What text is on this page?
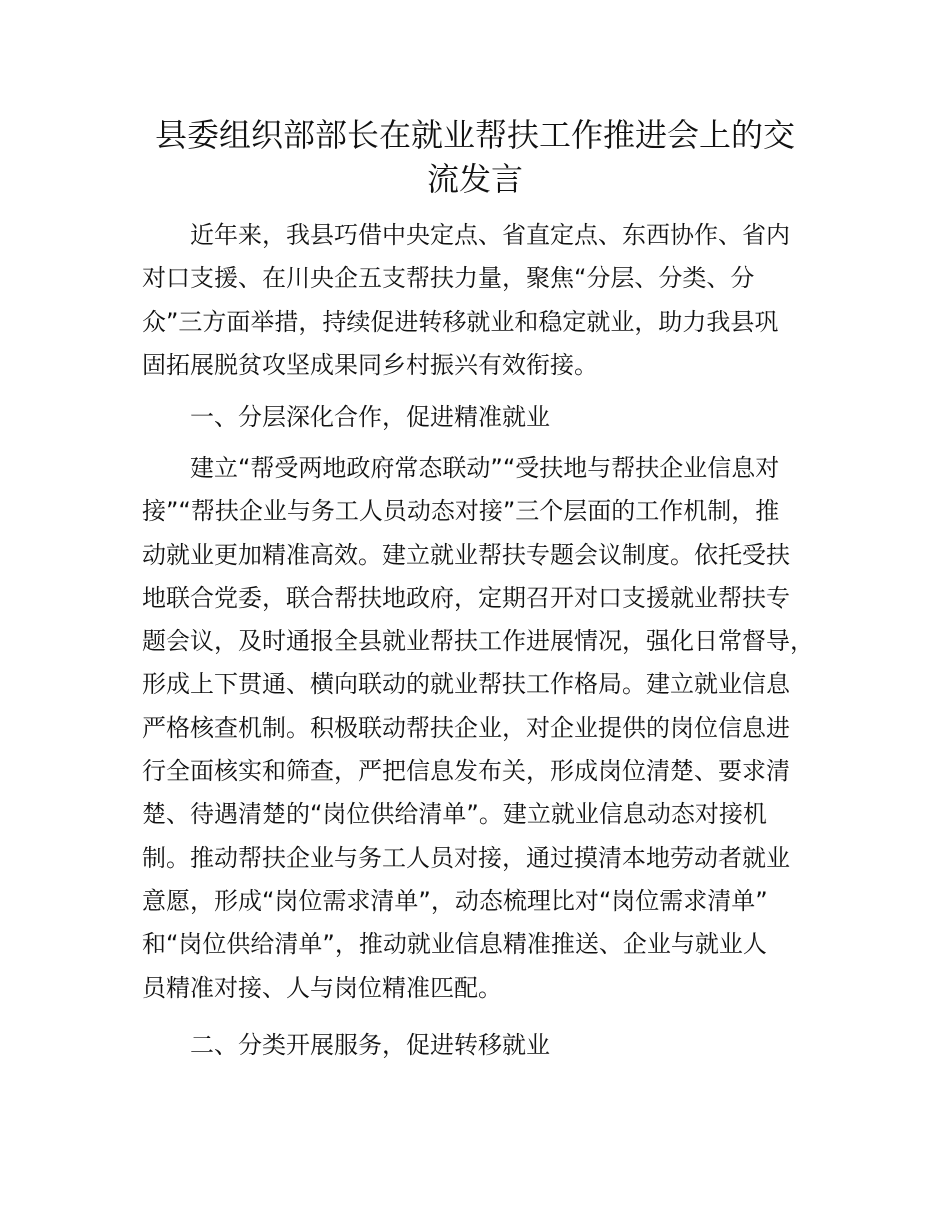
县委组织部部长在就业帮扶工作推进会上的交
流发言

近年来，我县巧借中央定点、省直定点、东西协作、省内
对口支援、在川央企五支帮扶力量，聚焦“分层、分类、分
众”三方面举措，持续促进转移就业和稳定就业，助力我县巩
固拓展脱贫攻坚成果同乡村振兴有效衔接。

一、分层深化合作，促进精准就业

建立“帮受两地政府常态联动”“受扶地与帮扶企业信息对
接”“帮扶企业与务工人员动态对接”三个层面的工作机制，推
动就业更加精准高效。建立就业帮扶专题会议制度。依托受扶
地联合党委，联合帮扶地政府，定期召开对口支援就业帮扶专
题会议，及时通报全县就业帮扶工作进展情况，强化日常督导，
形成上下贯通、横向联动的就业帮扶工作格局。建立就业信息
严格核查机制。积极联动帮扶企业，对企业提供的岗位信息进
行全面核实和筛查，严把信息发布关，形成岗位清楚、要求清
楚、待遇清楚的“岗位供给清单”。建立就业信息动态对接机
制。推动帮扶企业与务工人员对接，通过摸清本地劳动者就业
意愿，形成“岗位需求清单”，动态梳理比对“岗位需求清单”
和“岗位供给清单”，推动就业信息精准推送、企业与就业人
员精准对接、人与岗位精准匹配。

二、分类开展服务，促进转移就业
